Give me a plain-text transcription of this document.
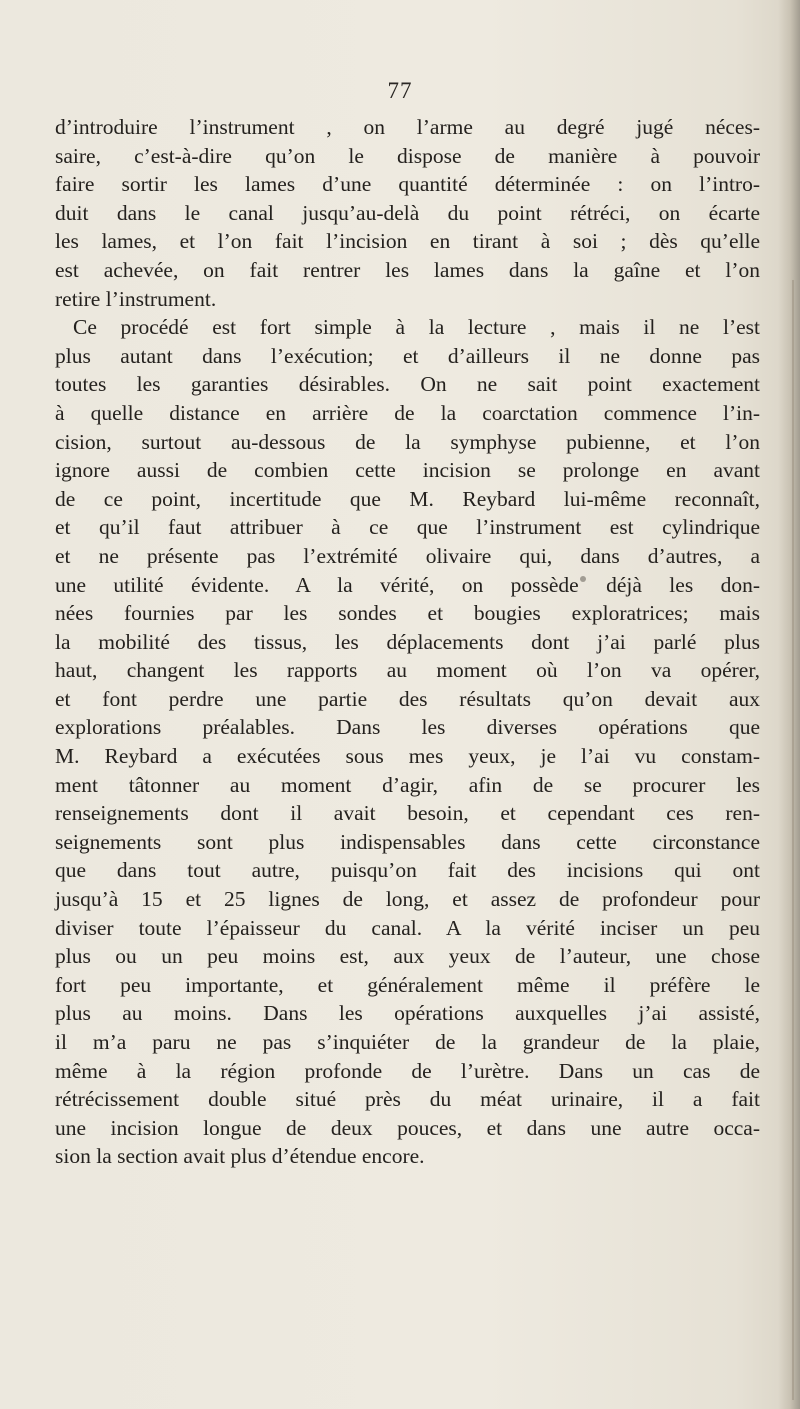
77
d’introduire l’instrument , on l’arme au degré jugé néces-
saire, c’est-à-dire qu’on le dispose de manière à pouvoir
faire sortir les lames d’une quantité déterminée : on l’intro-
duit dans le canal jusqu’au-delà du point rétréci, on écarte
les lames, et l’on fait l’incision en tirant à soi ; dès qu’elle
est achevée, on fait rentrer les lames dans la gaîne et l’on
retire l’instrument.
Ce procédé est fort simple à la lecture , mais il ne l’est
plus autant dans l’exécution; et d’ailleurs il ne donne pas
toutes les garanties désirables. On ne sait point exactement
à quelle distance en arrière de la coarctation commence l’in-
cision, surtout au-dessous de la symphyse pubienne, et l’on
ignore aussi de combien cette incision se prolonge en avant
de ce point, incertitude que M. Reybard lui-même reconnaît,
et qu’il faut attribuer à ce que l’instrument est cylindrique
et ne présente pas l’extrémité olivaire qui, dans d’autres, a
une utilité évidente. A la vérité, on possède déjà les don-
nées fournies par les sondes et bougies exploratrices; mais
la mobilité des tissus, les déplacements dont j’ai parlé plus
haut, changent les rapports au moment où l’on va opérer,
et font perdre une partie des résultats qu’on devait aux
explorations préalables. Dans les diverses opérations que
M. Reybard a exécutées sous mes yeux, je l’ai vu constam-
ment tâtonner au moment d’agir, afin de se procurer les
renseignements dont il avait besoin, et cependant ces ren-
seignements sont plus indispensables dans cette circonstance
que dans tout autre, puisqu’on fait des incisions qui ont
jusqu’à 15 et 25 lignes de long, et assez de profondeur pour
diviser toute l’épaisseur du canal. A la vérité inciser un peu
plus ou un peu moins est, aux yeux de l’auteur, une chose
fort peu importante, et généralement même il préfère le
plus au moins. Dans les opérations auxquelles j’ai assisté,
il m’a paru ne pas s’inquiéter de la grandeur de la plaie,
même à la région profonde de l’urètre. Dans un cas de
rétrécissement double situé près du méat urinaire, il a fait
une incision longue de deux pouces, et dans une autre occa-
sion la section avait plus d’étendue encore.
